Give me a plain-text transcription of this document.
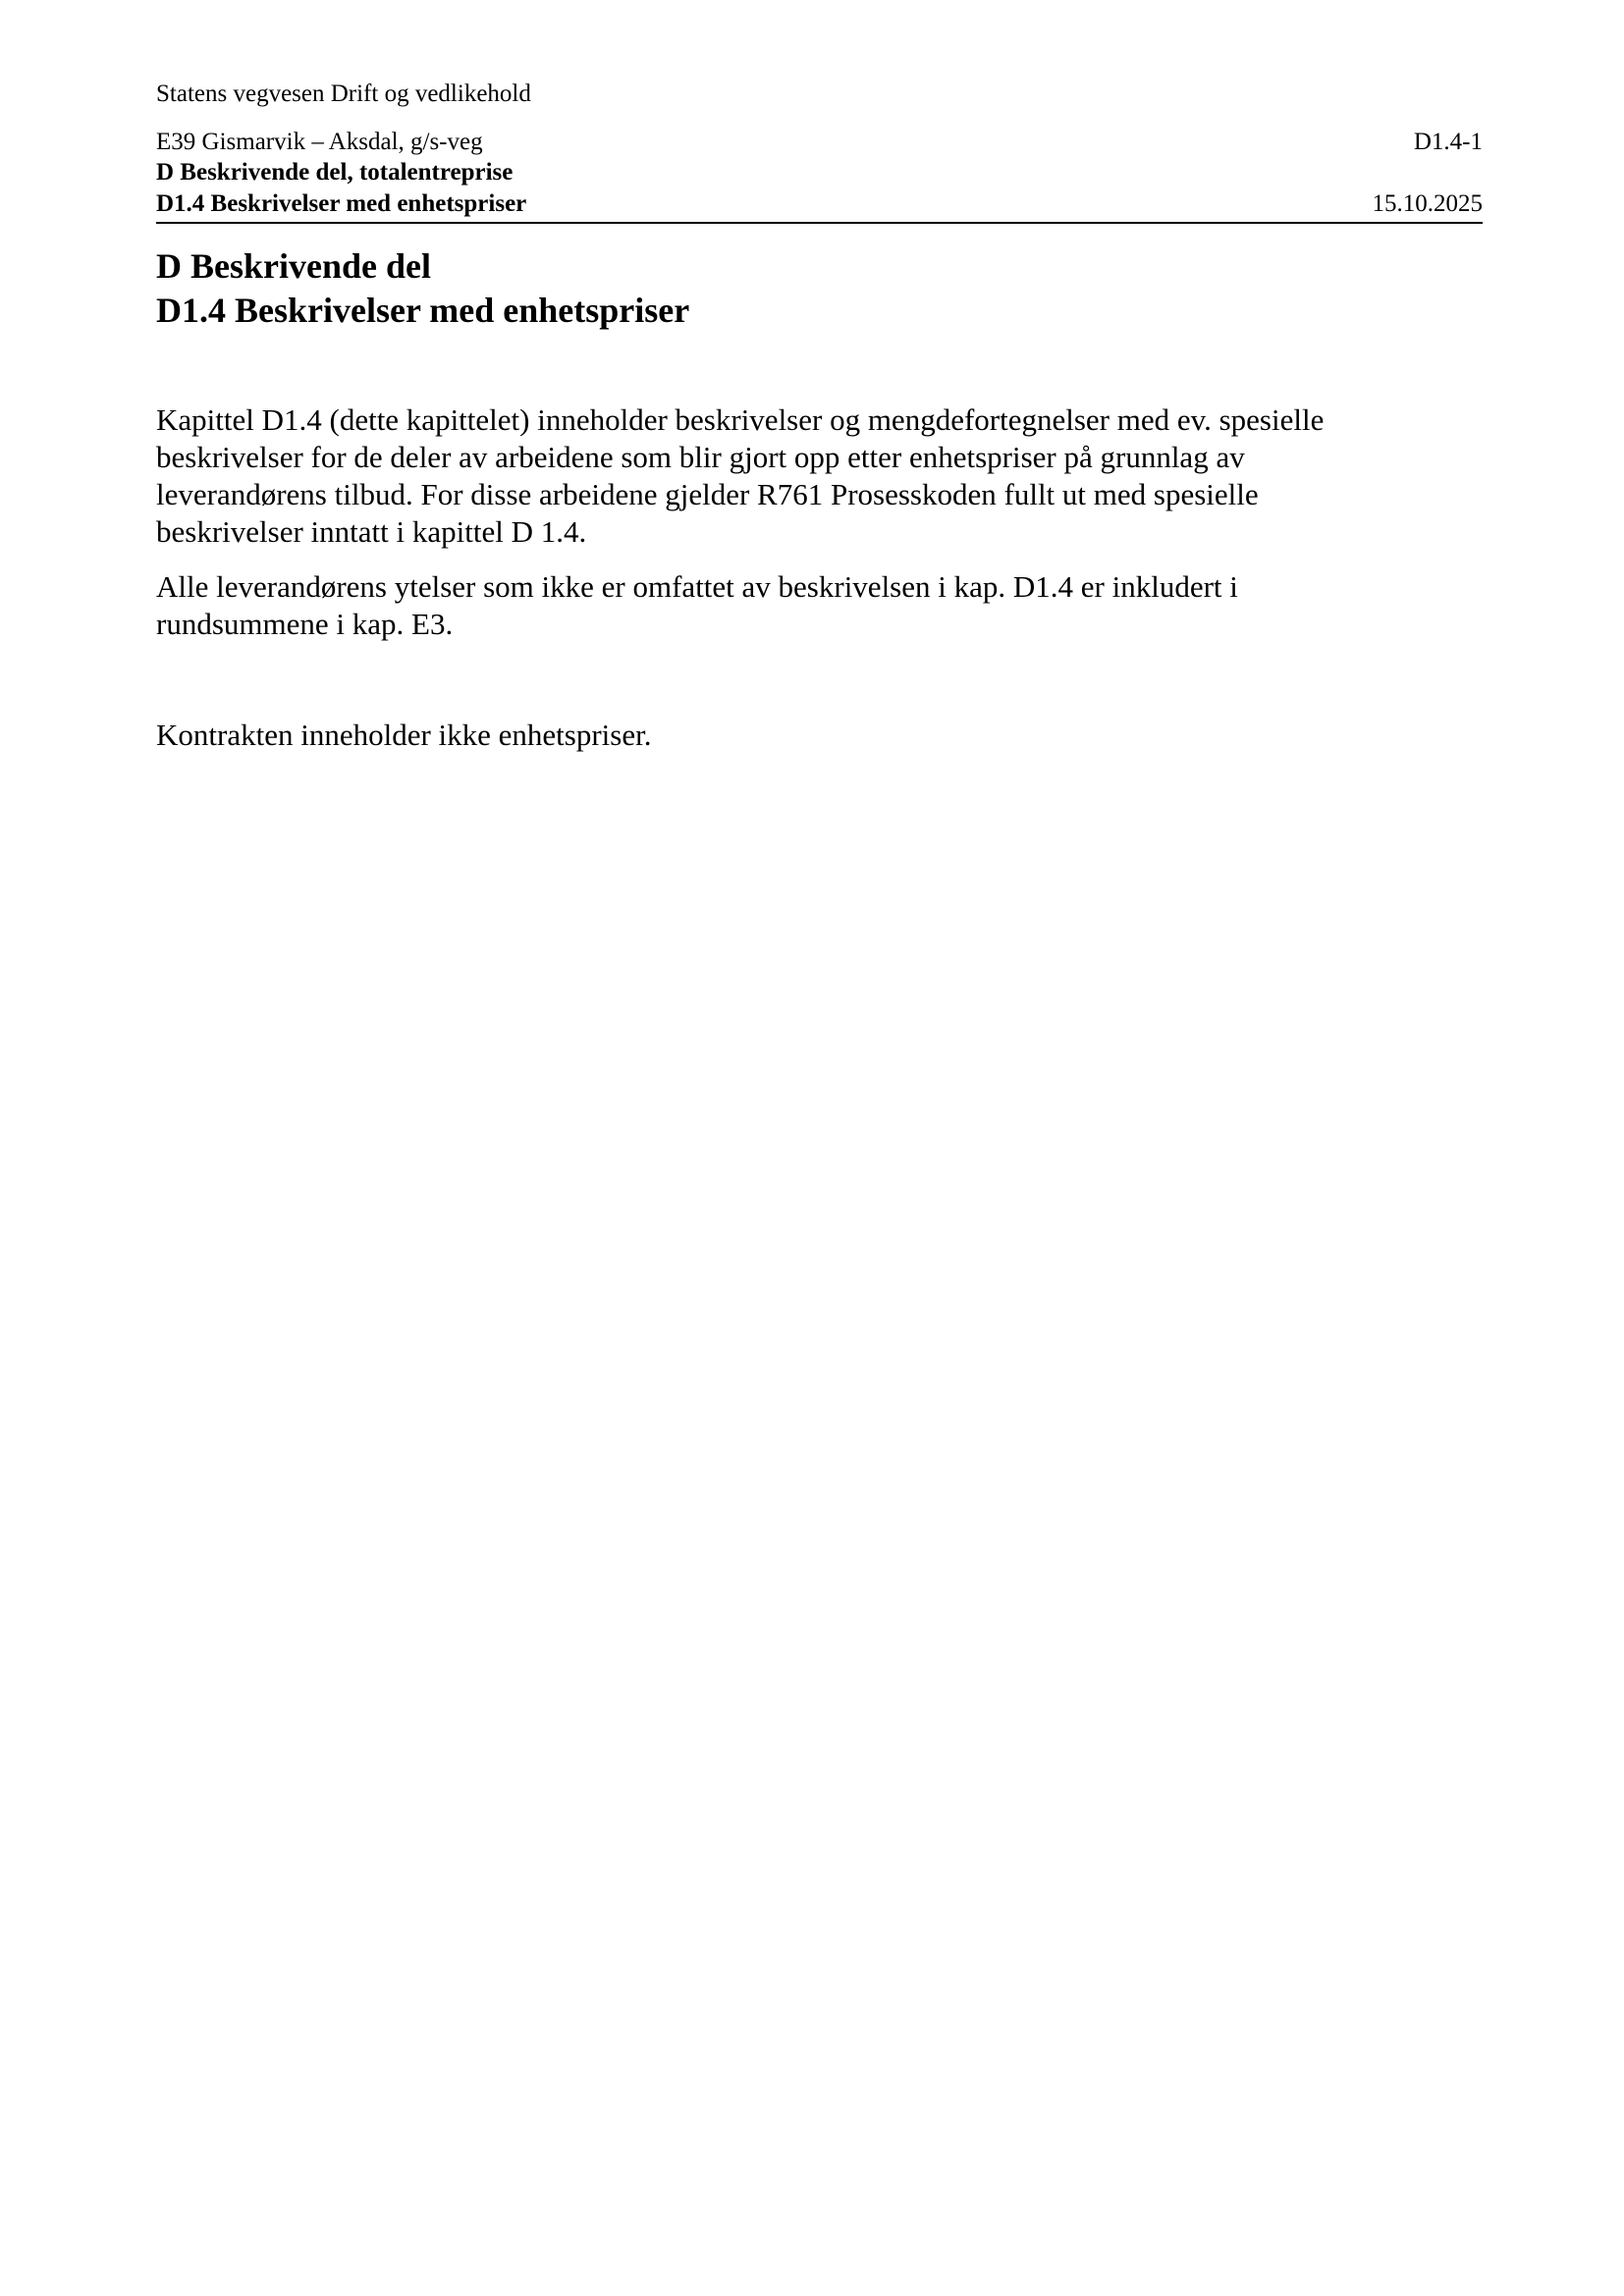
Statens vegvesen Drift og vedlikehold
E39 Gismarvik – Aksdal, g/s-veg	D1.4-1
D Beskrivende del, totalentreprise
D1.4 Beskrivelser med enhetspriser	15.10.2025
D Beskrivende del
D1.4 Beskrivelser med enhetspriser
Kapittel D1.4 (dette kapittelet) inneholder beskrivelser og mengdefortegnelser med ev. spesielle
beskrivelser for de deler av arbeidene som blir gjort opp etter enhetspriser på grunnlag av
leverandørens tilbud. For disse arbeidene gjelder R761 Prosesskoden fullt ut med spesielle
beskrivelser inntatt i kapittel D 1.4.
Alle leverandørens ytelser som ikke er omfattet av beskrivelsen i kap. D1.4 er inkludert i
rundsummene i kap. E3.
Kontrakten inneholder ikke enhetspriser.
